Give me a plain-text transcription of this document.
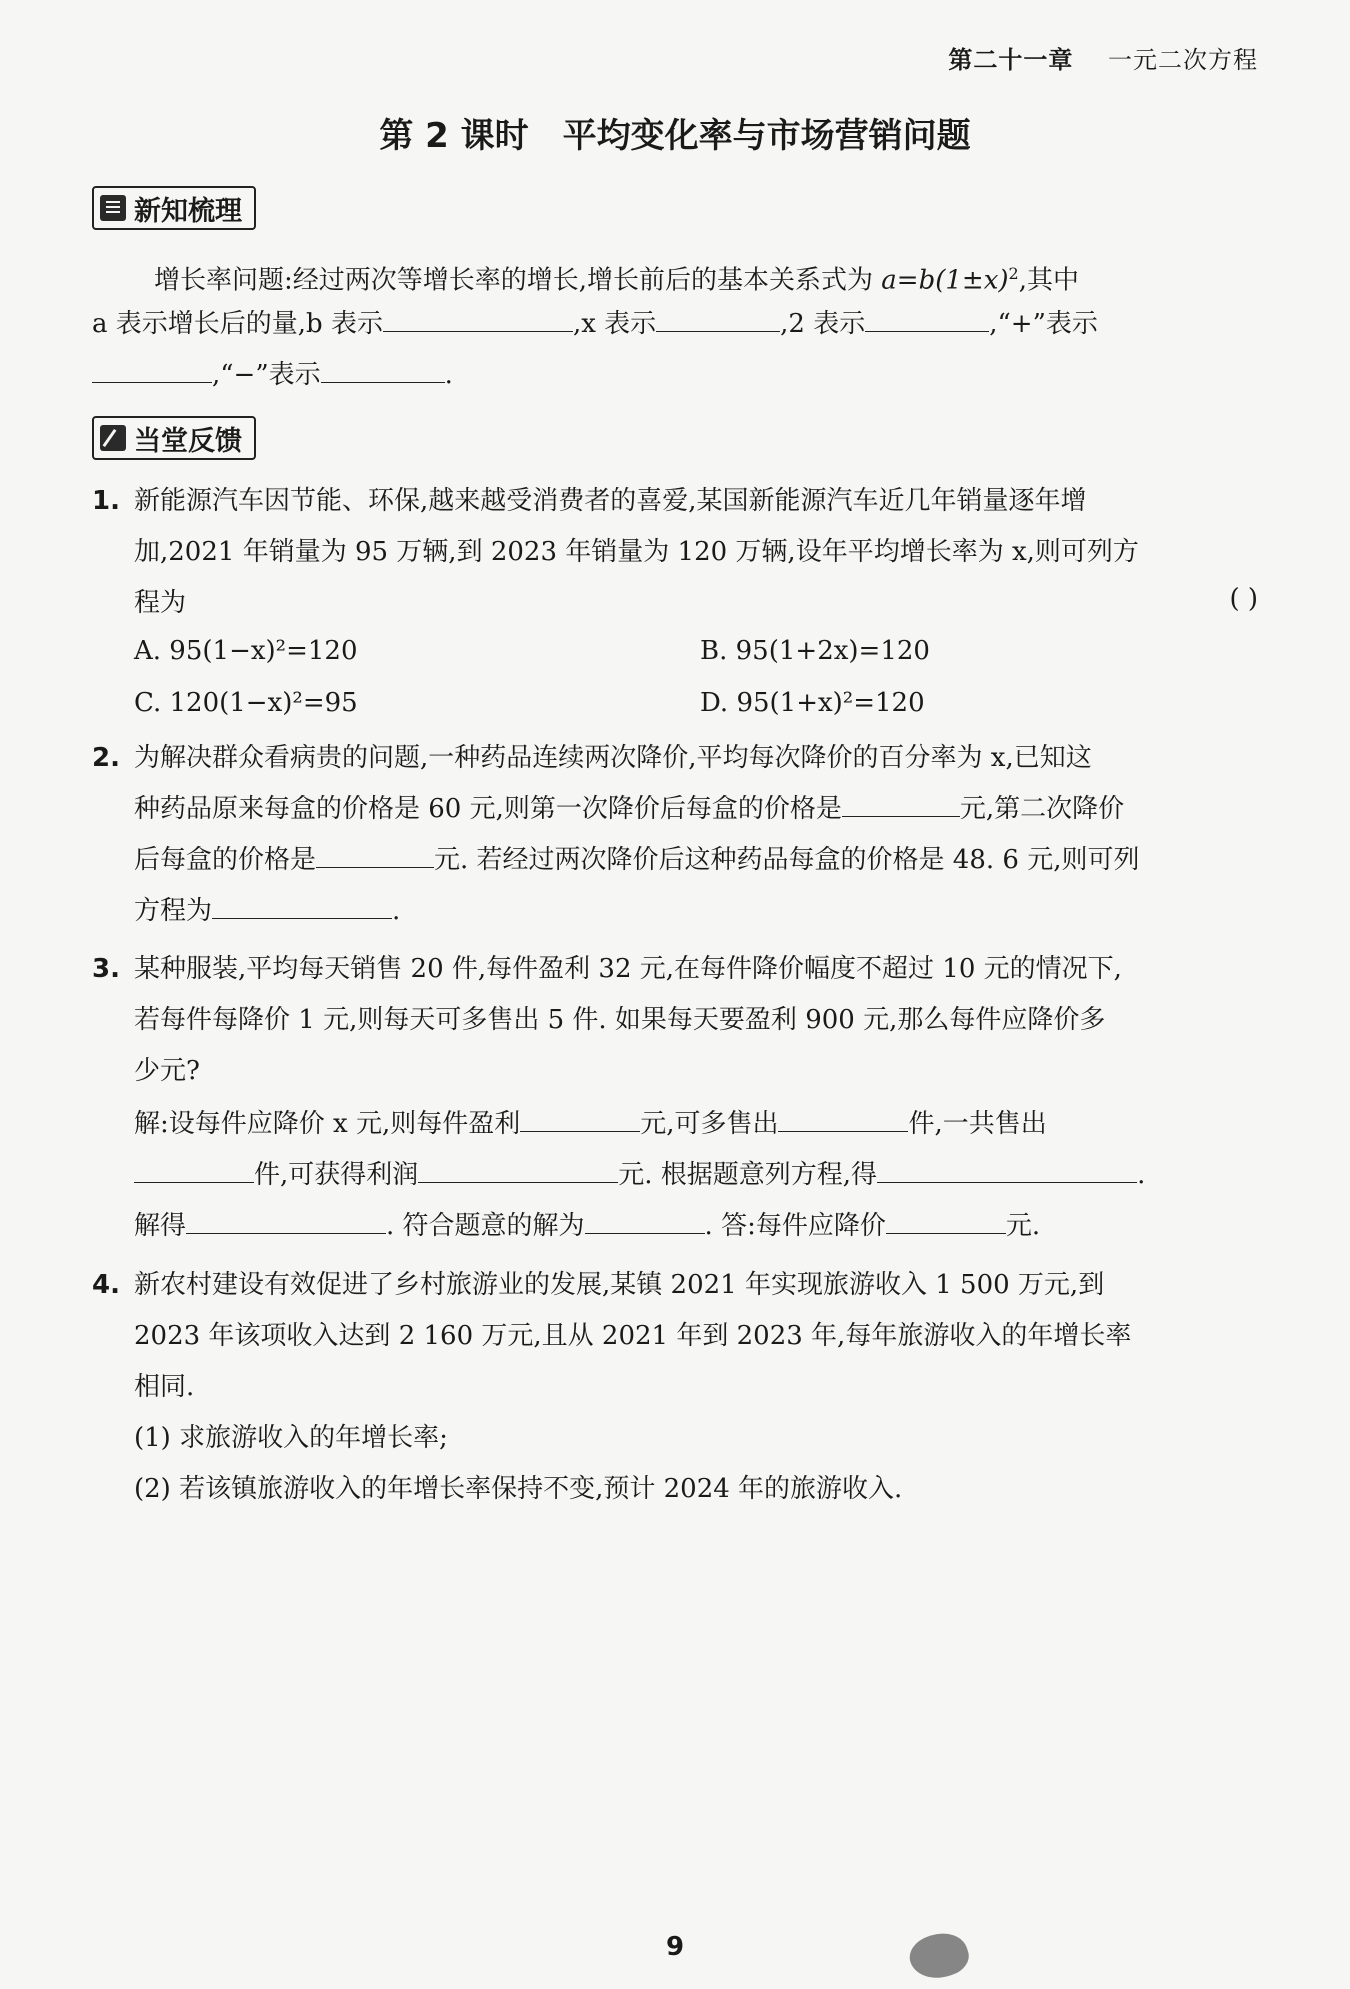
第二十一章 一元二次方程
第 2 课时 平均变化率与市场营销问题
新知梳理
增长率问题:经过两次等增长率的增长,增长前后的基本关系式为 $a=b(1\pm x)^2$,其中
a 表示增长后的量,b 表示	,x 表示	,2 表示	,“+”表示
,“−”表示	.
当堂反馈
1. 新能源汽车因节能、环保,越来越受消费者的喜爱,某国新能源汽车近几年销量逐年增
加,2021 年销量为 95 万辆,到 2023 年销量为 120 万辆,设年平均增长率为 x,则可列方
程为	( )
A. 95(1−x)²=120	B. 95(1+2x)=120
C. 120(1−x)²=95	D. 95(1+x)²=120
2. 为解决群众看病贵的问题,一种药品连续两次降价,平均每次降价的百分率为 x,已知这
种药品原来每盒的价格是 60 元,则第一次降价后每盒的价格是	元,第二次降价
后每盒的价格是	元. 若经过两次降价后这种药品每盒的价格是 48. 6 元,则可列
方程为	.
3. 某种服装,平均每天销售 20 件,每件盈利 32 元,在每件降价幅度不超过 10 元的情况下,
若每件每降价 1 元,则每天可多售出 5 件. 如果每天要盈利 900 元,那么每件应降价多
少元?
解:设每件应降价 x 元,则每件盈利	元,可多售出	件,一共售出
件,可获得利润	元. 根据题意列方程,得	.
解得	. 符合题意的解为	. 答:每件应降价	元.
4. 新农村建设有效促进了乡村旅游业的发展,某镇 2021 年实现旅游收入 1 500 万元,到
2023 年该项收入达到 2 160 万元,且从 2021 年到 2023 年,每年旅游收入的年增长率
相同.
(1) 求旅游收入的年增长率;
(2) 若该镇旅游收入的年增长率保持不变,预计 2024 年的旅游收入.
9
